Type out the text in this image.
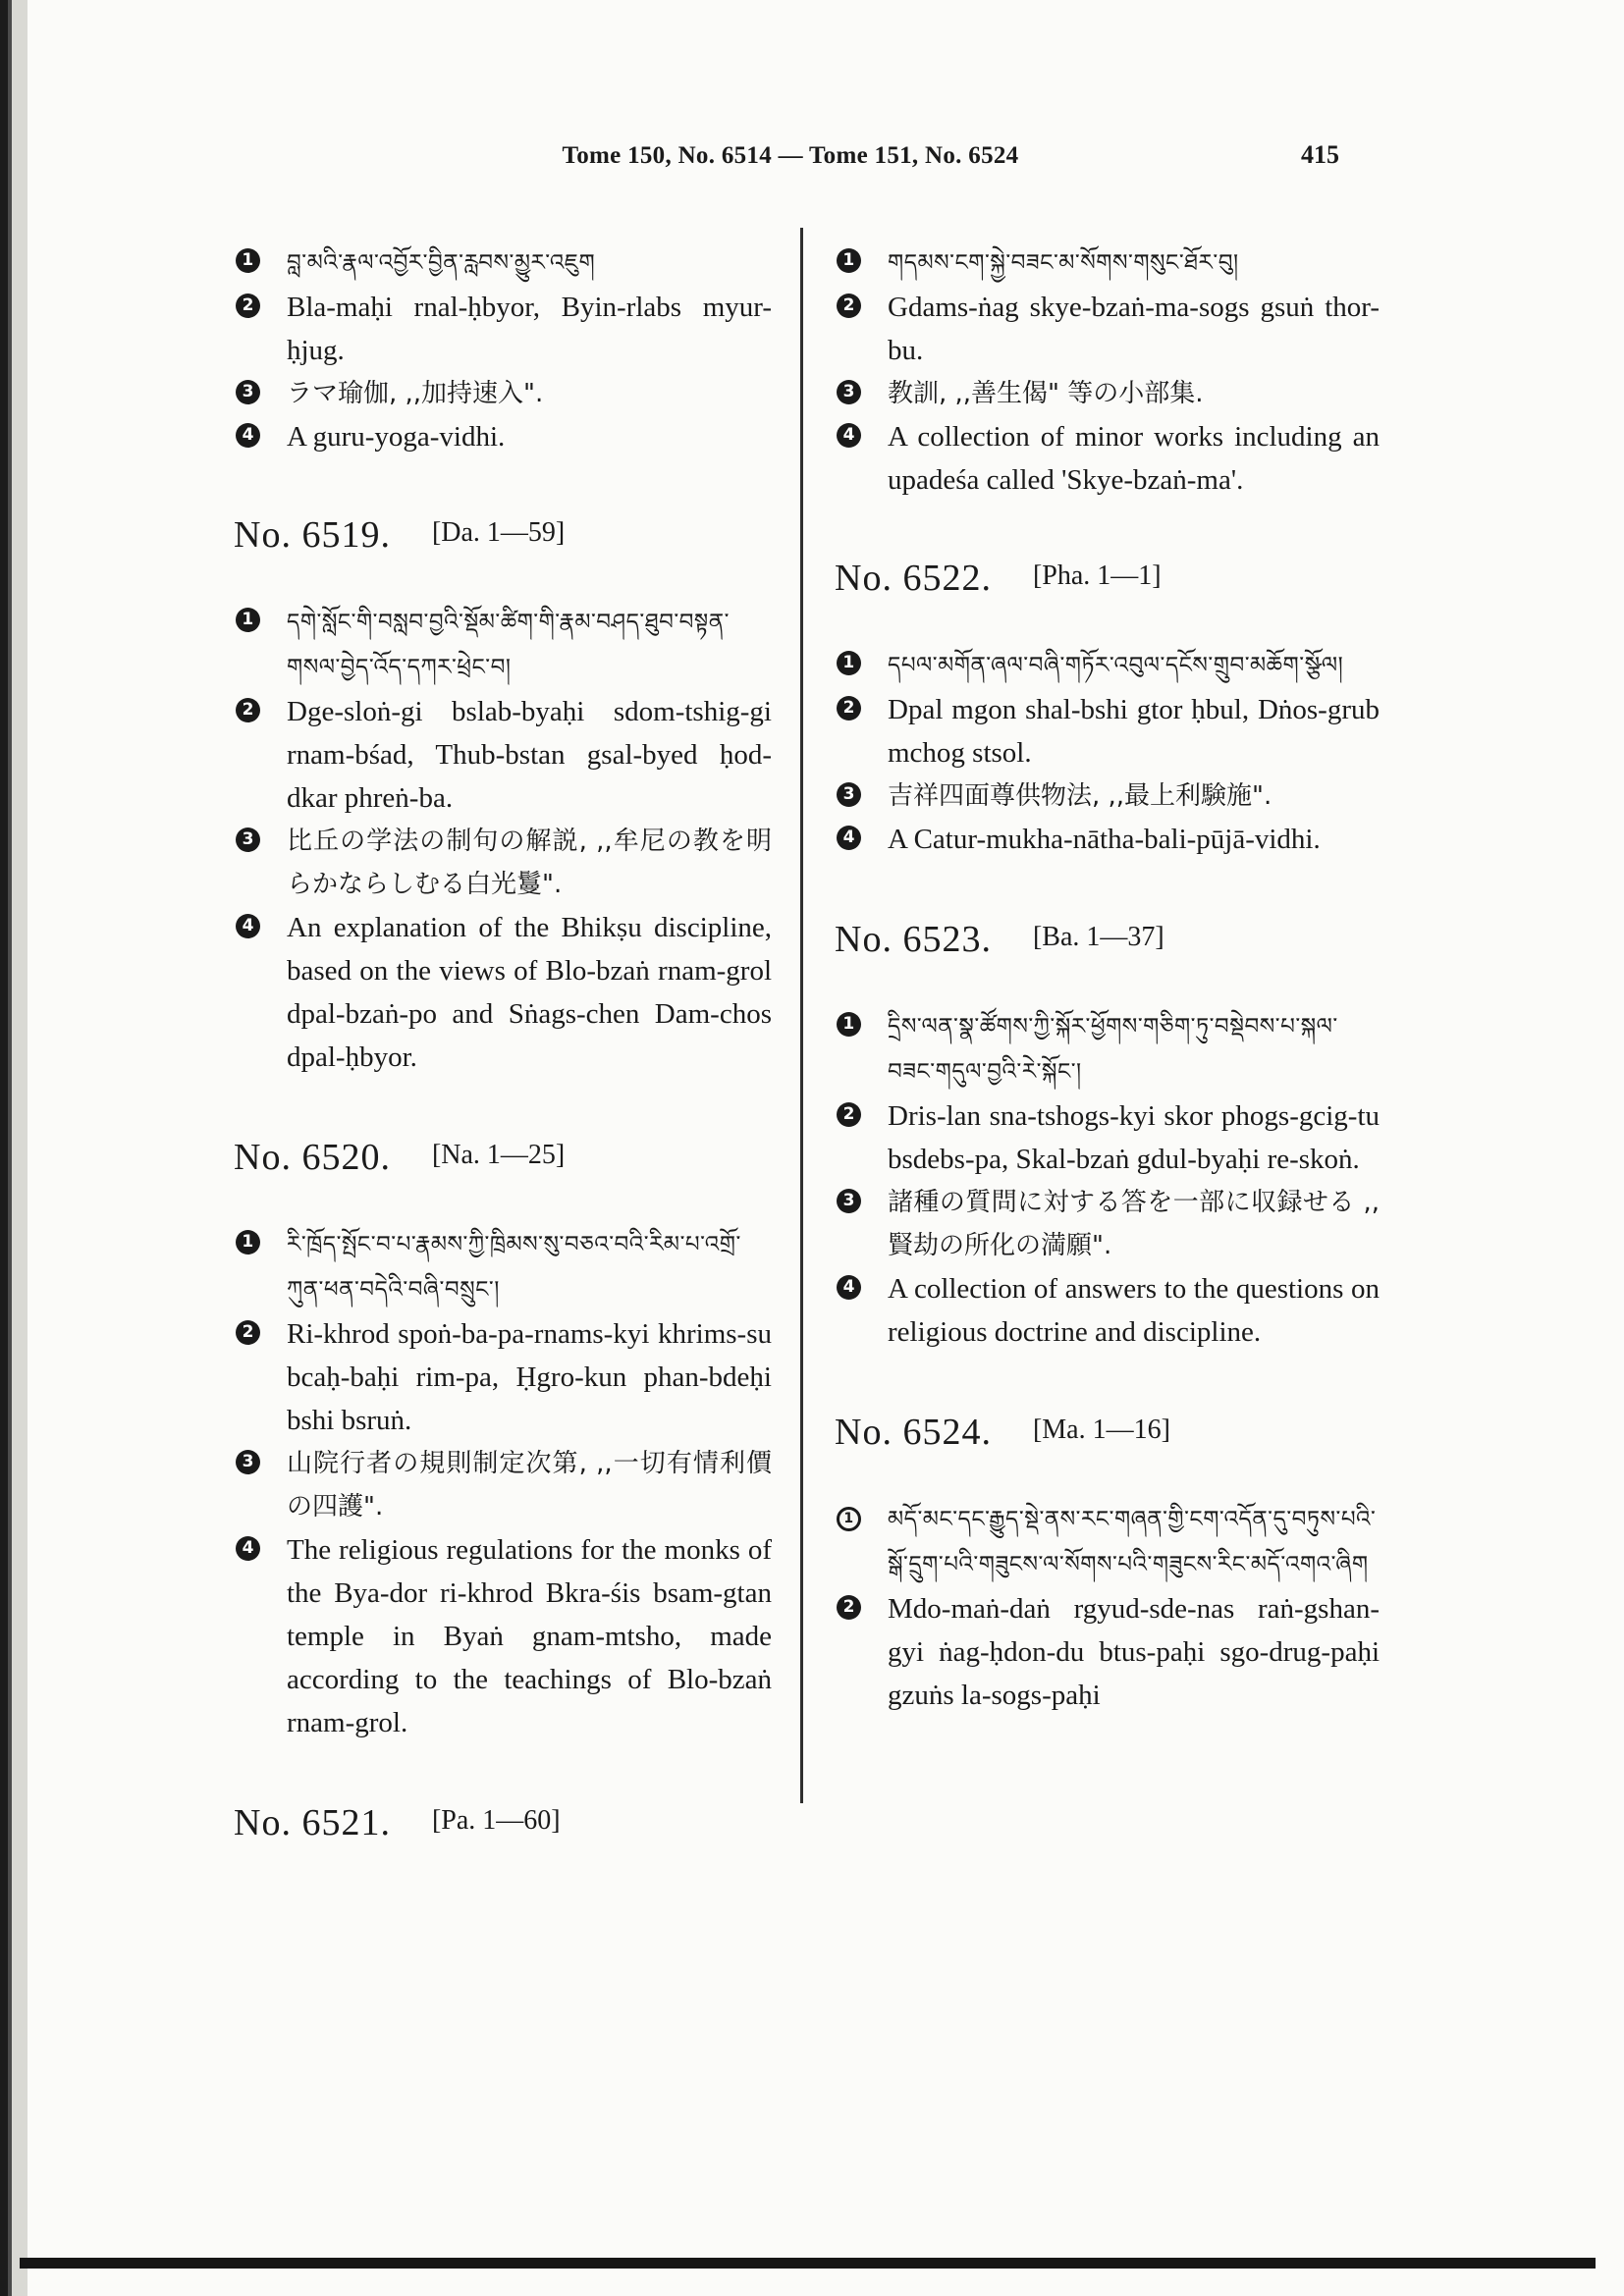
Tome 150, No. 6514 — Tome 151, No. 6524	415

1 བླ་མའི་རྣལ་འབྱོར་བྱིན་རླབས་མྱུར་འཇུག

2 Bla-maḥi rnal-ḥbyor, Byin-rlabs myur-ḥjug.

3 ラマ瑜伽, ,,加持速入".

4 A guru-yoga-vidhi.

No. 6519. [Da. 1—59]

1 དགེ་སློང་གི་བསླབ་བྱའི་སྡོམ་ཚིག་གི་རྣམ་བཤད་ཐུབ་བསྟན་གསལ་བྱེད་འོད་དཀར་ཕྲེང་བ།

2 Dge-sloṅ-gi bslab-byaḥi sdom-tshig-gi rnam-bśad, Thub-bstan gsal-byed ḥod-dkar phreṅ-ba.

3 比丘の学法の制句の解説, ,,牟尼の教を明らかならしむる白光鬘".

4 An explanation of the Bhikṣu discipline, based on the views of Blo-bzaṅ rnam-grol dpal-bzaṅ-po and Sṅags-chen Dam-chos dpal-ḥbyor.

No. 6520. [Na. 1—25]

1 རི་ཁྲོད་སྤོང་བ་པ་རྣམས་ཀྱི་ཁྲིམས་སུ་བཅའ་བའི་རིམ་པ་འགྲོ་ཀུན་ཕན་བདེའི་བཞི་བསྲུང་།

2 Ri-khrod spoṅ-ba-pa-rnams-kyi khrims-su bcaḥ-baḥi rim-pa, Ḥgro-kun phan-bdeḥi bshi bsruṅ.

3 山院行者の規則制定次第, ,,一切有情利價の四護".

4 The religious regulations for the monks of the Bya-dor ri-khrod Bkra-śis bsam-gtan temple in Byaṅ gnam-mtsho, made according to the teachings of Blo-bzaṅ rnam-grol.

No. 6521. [Pa. 1—60]

1 གདམས་ངག་སྐྱེ་བཟང་མ་སོགས་གསུང་ཐོར་བུ།

2 Gdams-ṅag skye-bzaṅ-ma-sogs gsuṅ thor-bu.

3 教訓, ,,善生偈" 等の小部集.

4 A collection of minor works including an upadeśa called 'Skye-bzaṅ-ma'.

No. 6522. [Pha. 1—1]

1 དཔལ་མགོན་ཞལ་བཞི་གཏོར་འབུལ་དངོས་གྲུབ་མཆོག་སྩོལ།

2 Dpal mgon shal-bshi gtor ḥbul, Dṅos-grub mchog stsol.

3 吉祥四面尊供物法, ,,最上利験施".

4 A Catur-mukha-nātha-bali-pūjā-vidhi.

No. 6523. [Ba. 1—37]

1 དྲིས་ལན་སྣ་ཚོགས་ཀྱི་སྐོར་ཕྱོགས་གཅིག་ཏུ་བསྡེབས་པ་སྐལ་བཟང་གདུལ་བྱའི་རེ་སྐོང་།

2 Dris-lan sna-tshogs-kyi skor phogs-gcig-tu bsdebs-pa, Skal-bzaṅ gdul-byaḥi re-skoṅ.

3 諸種の質問に対する答を一部に収録せる ,,賢劫の所化の満願".

4 A collection of answers to the questions on religious doctrine and discipline.

No. 6524. [Ma. 1—16]

1	མདོ་མང་དང་རྒྱུད་སྡེ་ནས་རང་གཞན་གྱི་ངག་འདོན་དུ་བཏུས་པའི་སྒོ་དྲུག་པའི་གཟུངས་ལ་སོགས་པའི་གཟུངས་རིང་མདོ་འགའ་ཞིག

2 Mdo-maṅ-daṅ rgyud-sde-nas raṅ-gshan-gyi ṅag-ḥdon-du btus-paḥi sgo-drug-paḥi gzuṅs la-sogs-paḥi
